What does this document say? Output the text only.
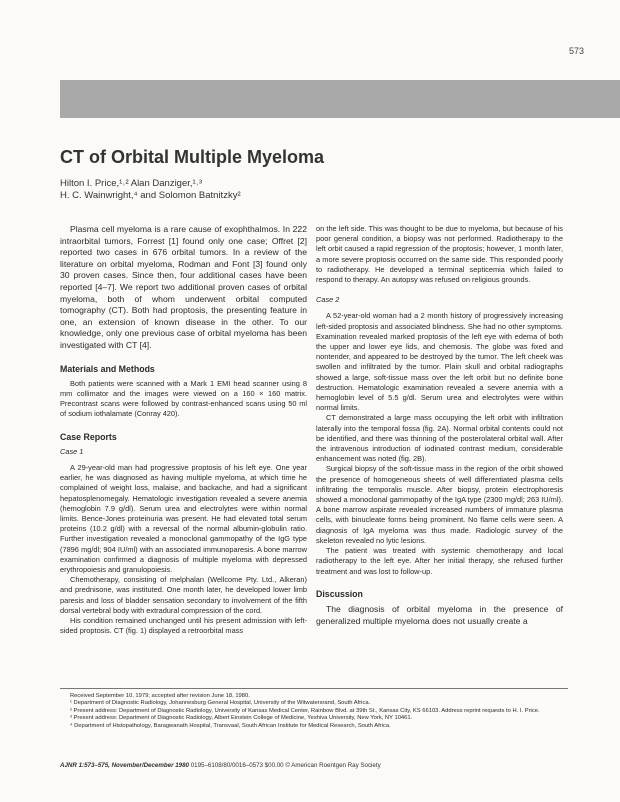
573
CT of Orbital Multiple Myeloma
Hilton I. Price,¹˒² Alan Danziger,¹˒³
H. C. Wainwright,⁴ and Solomon Batnitzky²

Plasma cell myeloma is a rare cause of exophthalmos. In 222 intraorbital tumors, Forrest [1] found only one case; Offret [2] reported two cases in 676 orbital tumors. In a review of the literature on orbital myeloma, Rodman and Font [3] found only 30 proven cases. Since then, four additional cases have been reported [4–7]. We report two additional proven cases of orbital myeloma, both of whom underwent orbital computed tomography (CT). Both had proptosis, the presenting feature in one, an extension of known disease in the other. To our knowledge, only one previous case of orbital myeloma has been investigated with CT [4].

Materials and Methods

Both patients were scanned with a Mark 1 EMI head scanner using 8 mm collimator and the images were viewed on a 160 × 160 matrix. Precontrast scans were followed by contrast-enhanced scans using 50 ml of sodium iothalamate (Conray 420).

Case Reports
Case 1

A 29-year-old man had progressive proptosis of his left eye. One year earlier, he was diagnosed as having multiple myeloma, at which time he complained of weight loss, malaise, and backache, and had a significant hepatosplenomegaly. Hematologic investigation revealed a severe anemia (hemoglobin 7.9 g/dl). Serum urea and electrolytes were within normal limits. Bence-Jones proteinuria was present. He had elevated total serum proteins (10.2 g/dl) with a reversal of the normal albumin-globulin ratio. Further investigation revealed a monoclonal gammopathy of the IgG type (7896 mg/dl; 904 IU/ml) with an associated immunoparesis. A bone marrow examination confirmed a diagnosis of multiple myeloma with depressed erythropoiesis and granulopoiesis.

Chemotherapy, consisting of melphalan (Wellcome Pty. Ltd., Alkeran) and prednisone, was instituted. One month later, he developed lower limb paresis and loss of bladder sensation secondary to involvement of the fifth dorsal vertebral body with extradural compression of the cord.

His condition remained unchanged until his present admission with left-sided proptosis. CT (fig. 1) displayed a retroorbital mass

on the left side. This was thought to be due to myeloma, but because of his poor general condition, a biopsy was not performed. Radiotherapy to the left orbit caused a rapid regression of the proptosis; however, 1 month later, a more severe proptosis occurred on the same side. This responded poorly to radiotherapy. He developed a terminal septicemia which failed to respond to therapy. An autopsy was refused on religious grounds.

Case 2

A 52-year-old woman had a 2 month history of progressively increasing left-sided proptosis and associated blindness. She had no other symptoms. Examination revealed marked proptosis of the left eye with edema of both the upper and lower eye lids, and chemosis. The globe was fixed and nontender, and appeared to be destroyed by the tumor. The left cheek was swollen and infiltrated by the tumor. Plain skull and orbital radiographs showed a large, soft-tissue mass over the left orbit but no definite bone destruction. Hematologic examination revealed a severe anemia with a hemoglobin level of 5.5 g/dl. Serum urea and electrolytes were within normal limits.

CT demonstrated a large mass occupying the left orbit with infiltration laterally into the temporal fossa (fig. 2A). Normal orbital contents could not be identified, and there was thinning of the posterolateral orbital wall. After the intravenous introduction of iodinated contrast medium, considerable enhancement was noted (fig. 2B).

Surgical biopsy of the soft-tissue mass in the region of the orbit showed the presence of homogeneous sheets of well differentiated plasma cells infiltrating the temporalis muscle. After biopsy, protein electrophoresis showed a monoclonal gammopathy of the IgA type (2300 mg/dl; 263 IU/ml). A bone marrow aspirate revealed increased numbers of immature plasma cells, with binucleate forms being prominent. No flame cells were seen. A diagnosis of IgA myeloma was thus made. Radiologic survey of the skeleton revealed no lytic lesions.

The patient was treated with systemic chemotherapy and local radiotherapy to the left eye. After her initial therapy, she refused further treatment and was lost to follow-up.

Discussion

The diagnosis of orbital myeloma in the presence of generalized multiple myeloma does not usually create a

Received September 10, 1979; accepted after revision June 18, 1980.

¹ Department of Diagnostic Radiology, Johannesburg General Hospital, University of the Witwatersrand, South Africa.

² Present address: Department of Diagnostic Radiology, University of Kansas Medical Center, Rainbow Blvd. at 39th St., Kansas City, KS 66103. Address reprint requests to H. I. Price.

³ Present address: Department of Diagnostic Radiology, Albert Einstein College of Medicine, Yeshiva University, New York, NY 10461.

⁴ Department of Histopathology, Baragwanath Hospital, Transvaal, South African Institute for Medical Research, South Africa.

AJNR 1:573–575, November/December 1980 0195–6108/80/0016–0573 $00.00 © American Roentgen Ray Society
